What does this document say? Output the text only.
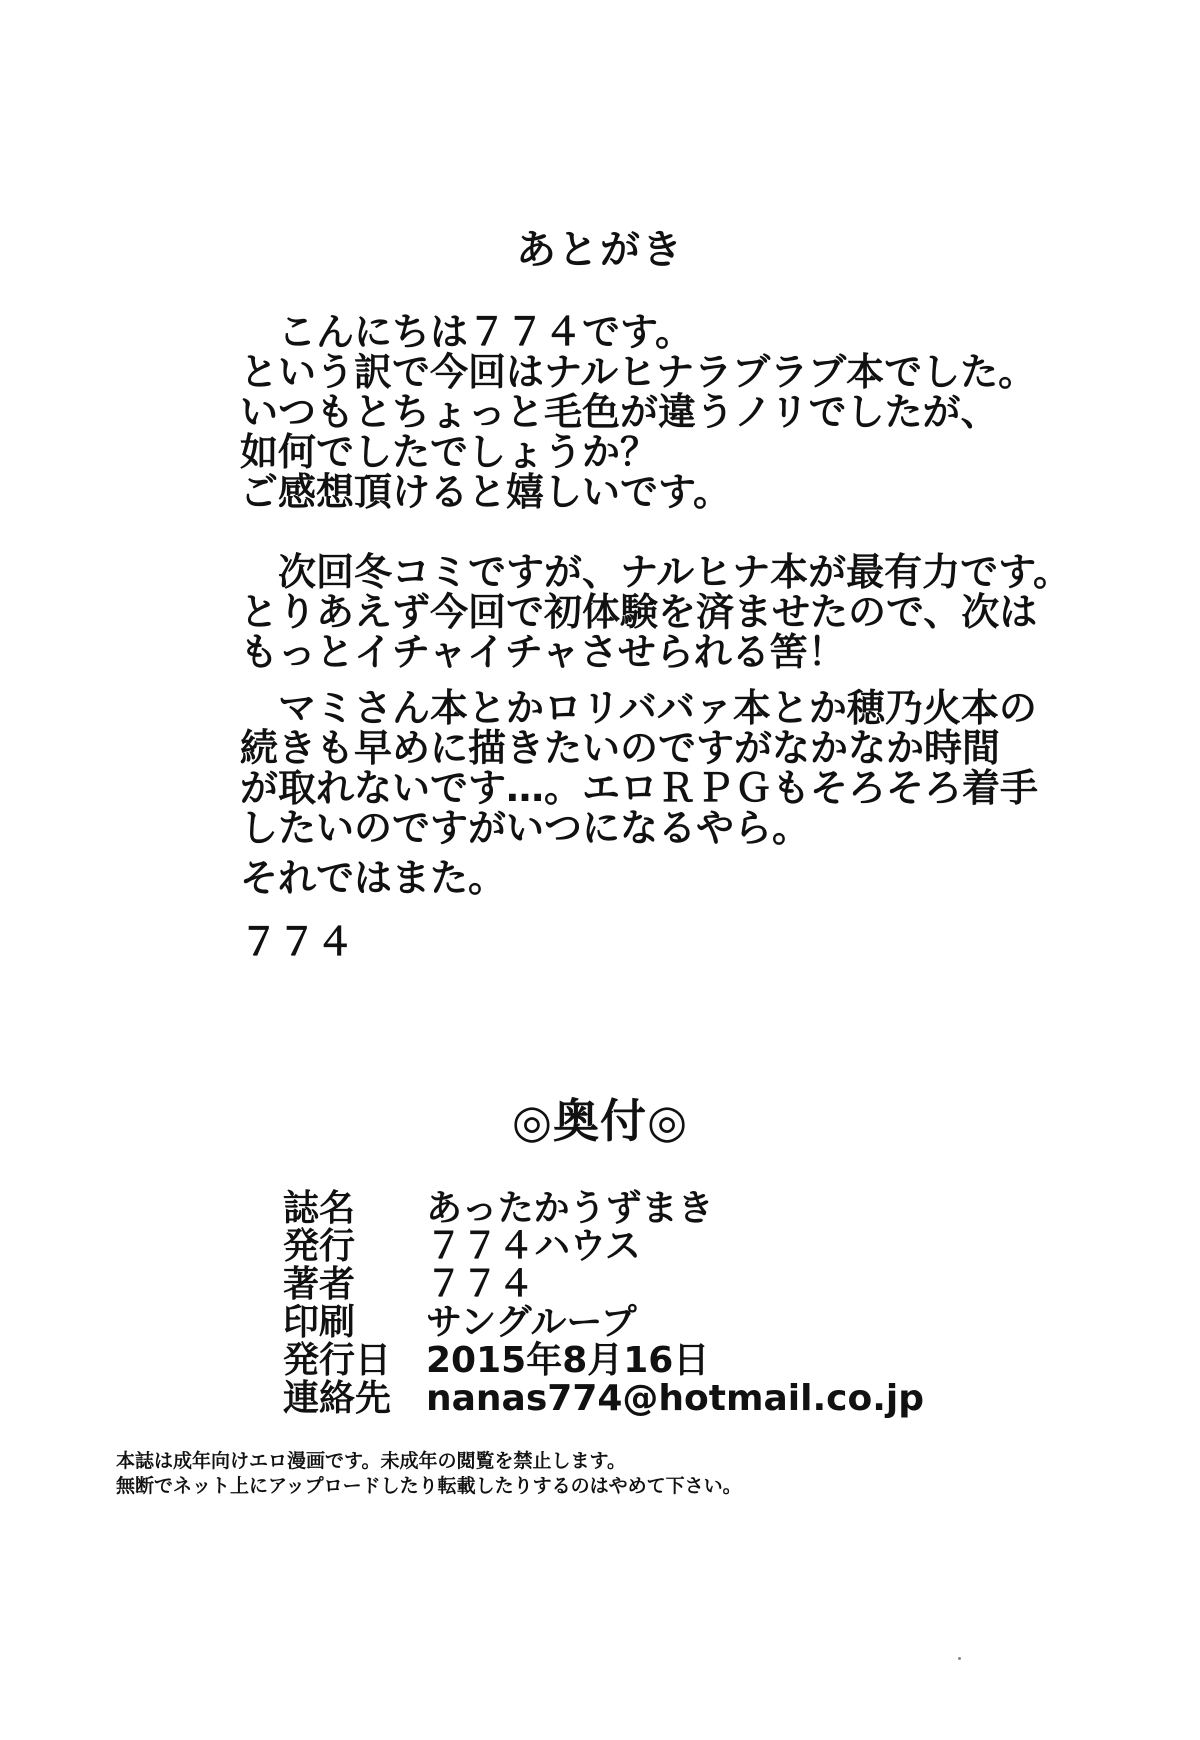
あとがき
　こんにちは７７４です。
という訳で今回はナルヒナラブラブ本でした。
いつもとちょっと毛色が違うノリでしたが、
如何でしたでしょうか？
ご感想頂けると嬉しいです。
　次回冬コミですが、ナルヒナ本が最有力です。
とりあえず今回で初体験を済ませたので、次は
もっとイチャイチャさせられる筈！
　マミさん本とかロリババァ本とか穂乃火本の
続きも早めに描きたいのですがなかなか時間
が取れないです…。エロＲＰＧもそろそろ着手
したいのですがいつになるやら。
それではまた。
７７４
◎奥付◎
誌名	あったかうずまき
発行	７７４ハウス
著者	７７４
印刷	サングループ
発行日 2015年8月16日
連絡先 nanas774@hotmail.co.jp
本誌は成年向けエロ漫画です。未成年の閲覧を禁止します。
無断でネット上にアップロードしたり転載したりするのはやめて下さい。
